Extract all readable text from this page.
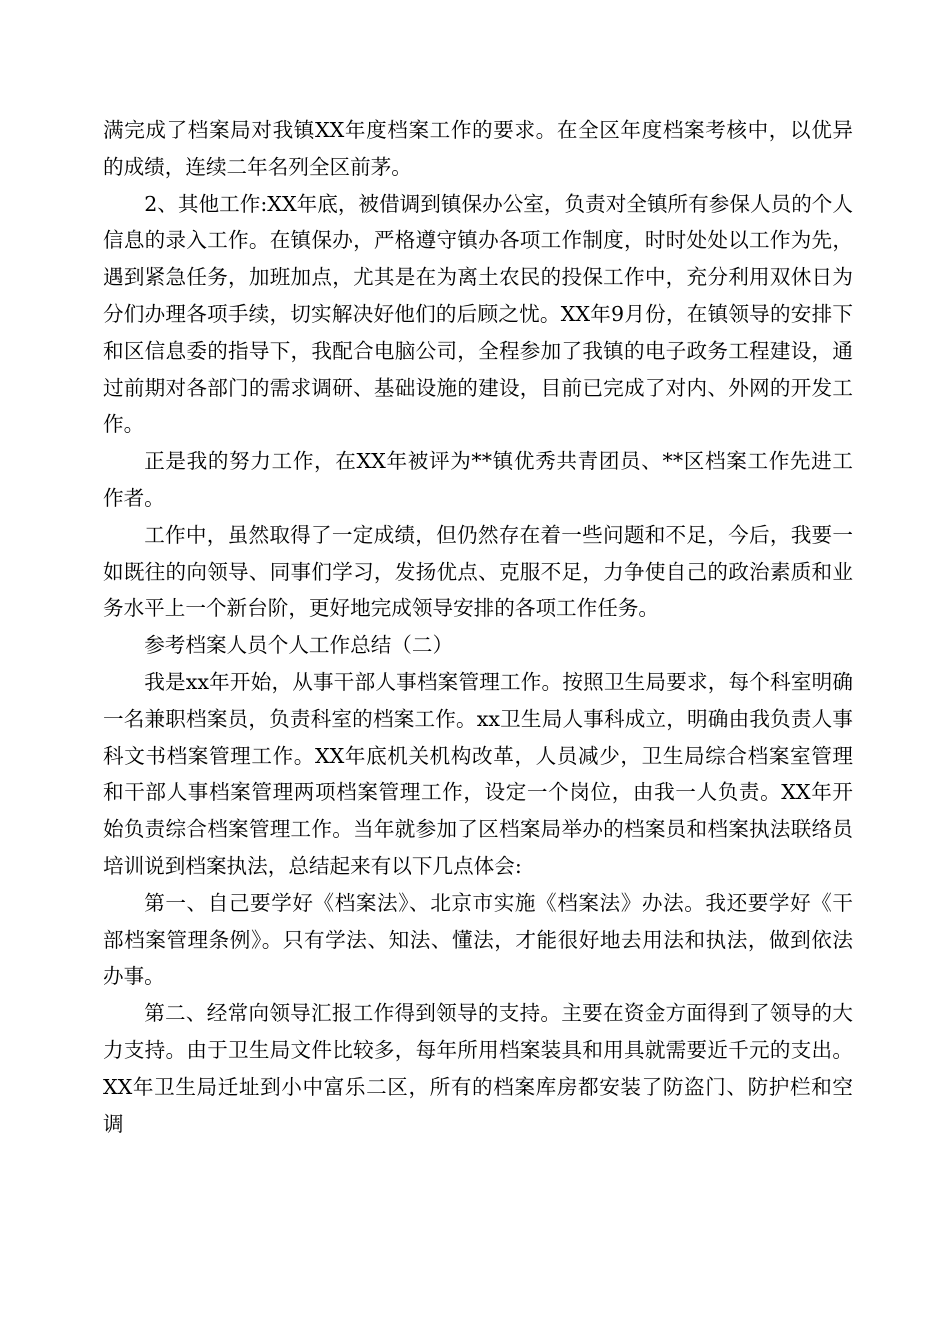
满完成了档案局对我镇XX年度档案工作的要求。在全区年度档案考核中，以优异的成绩，连续二年名列全区前茅。

2、其他工作:XX年底，被借调到镇保办公室，负责对全镇所有参保人员的个人信息的录入工作。在镇保办，严格遵守镇办各项工作制度，时时处处以工作为先，遇到紧急任务，加班加点，尤其是在为离土农民的投保工作中，充分利用双休日为分们办理各项手续，切实解决好他们的后顾之忧。XX年9月份，在镇领导的安排下和区信息委的指导下，我配合电脑公司，全程参加了我镇的电子政务工程建设，通过前期对各部门的需求调研、基础设施的建设，目前已完成了对内、外网的开发工作。

正是我的努力工作，在XX年被评为**镇优秀共青团员、**区档案工作先进工作者。

工作中，虽然取得了一定成绩，但仍然存在着一些问题和不足，今后，我要一如既往的向领导、同事们学习，发扬优点、克服不足，力争使自己的政治素质和业务水平上一个新台阶，更好地完成领导安排的各项工作任务。

参考档案人员个人工作总结（二）

我是xx年开始，从事干部人事档案管理工作。按照卫生局要求，每个科室明确一名兼职档案员，负责科室的档案工作。xx卫生局人事科成立，明确由我负责人事科文书档案管理工作。XX年底机关机构改革，人员减少，卫生局综合档案室管理和干部人事档案管理两项档案管理工作，设定一个岗位，由我一人负责。XX年开始负责综合档案管理工作。当年就参加了区档案局举办的档案员和档案执法联络员培训说到档案执法，总结起来有以下几点体会:

第一、自己要学好《档案法》、北京市实施《档案法》办法。我还要学好《干部档案管理条例》。只有学法、知法、懂法，才能很好地去用法和执法，做到依法办事。

第二、经常向领导汇报工作得到领导的支持。主要在资金方面得到了领导的大力支持。由于卫生局文件比较多，每年所用档案装具和用具就需要近千元的支出。XX年卫生局迁址到小中富乐二区，所有的档案库房都安装了防盗门、防护栏和空调
